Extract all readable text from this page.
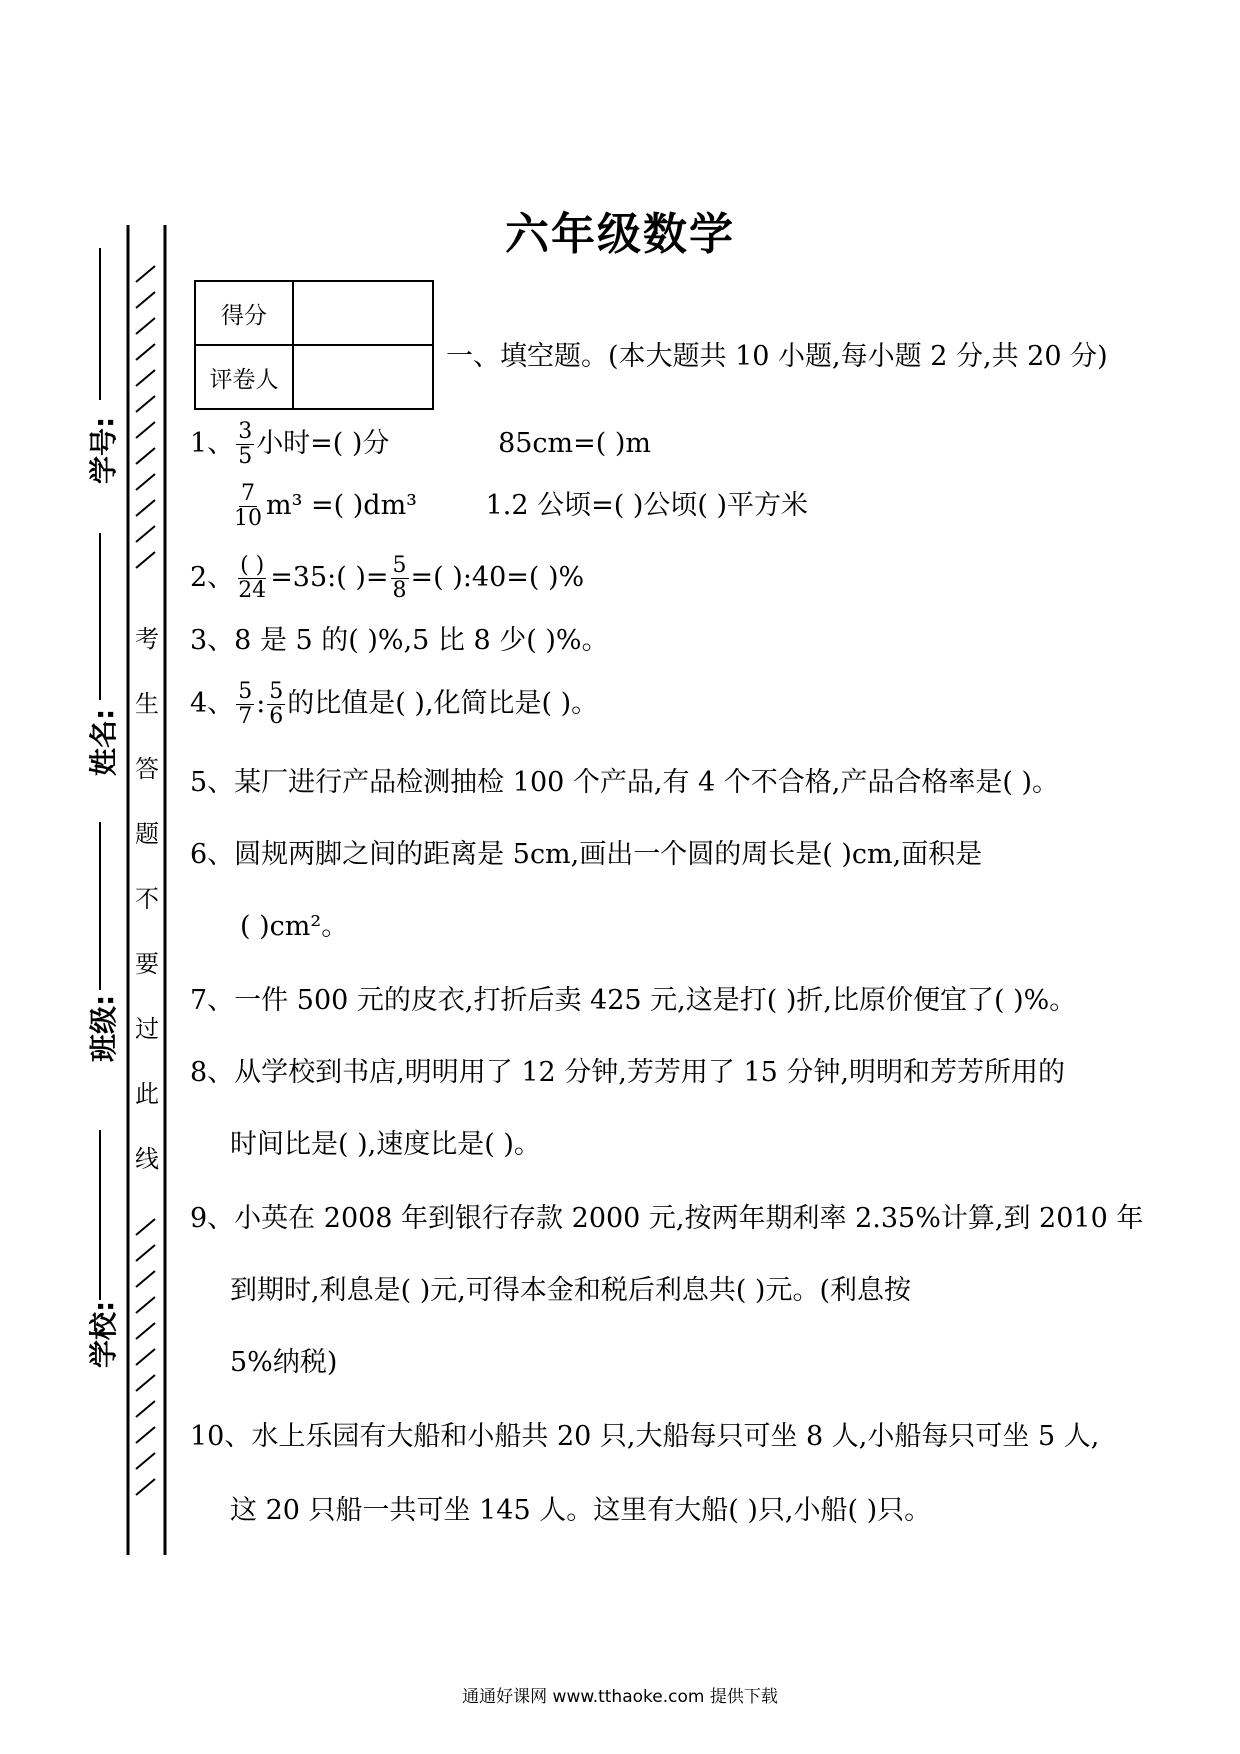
学号:
姓名:
班级:
学校:
考
生
答
题
不
要
过
此
线
六年级数学
得分	
评卷人	
一、填空题。(本大题共 10 小题,每小题 2 分,共 20 分)
1、 $\frac{3}{5}$ 小时=( )分	85cm=( )m
$\frac{7}{10} m^3$ =( )dm³	1.2 公顷=( )公顷( )平方米
2、 $\frac{( )}{24}$ =35:( )= $\frac{5}{8}$ =( ):40=( )%
3、8 是 5 的( )%,5 比 8 少( )%。
4、 $\frac{5}{7}$ : $\frac{5}{6}$ 的比值是( ),化简比是( )。
5、某厂进行产品检测抽检 100 个产品,有 4 个不合格,产品合格率是( )。
6、圆规两脚之间的距离是 5cm,画出一个圆的周长是( )cm,面积是
( )cm²。
7、一件 500 元的皮衣,打折后卖 425 元,这是打( )折,比原价便宜了( )%。
8、从学校到书店,明明用了 12 分钟,芳芳用了 15 分钟,明明和芳芳所用的
时间比是( ),速度比是( )。
9、小英在 2008 年到银行存款 2000 元,按两年期利率 2.35%计算,到 2010 年
到期时,利息是( )元,可得本金和税后利息共( )元。(利息按
5%纳税)
10、水上乐园有大船和小船共 20 只,大船每只可坐 8 人,小船每只可坐 5 人,
这 20 只船一共可坐 145 人。这里有大船( )只,小船( )只。
通通好课网 www.tthaoke.com 提供下载
